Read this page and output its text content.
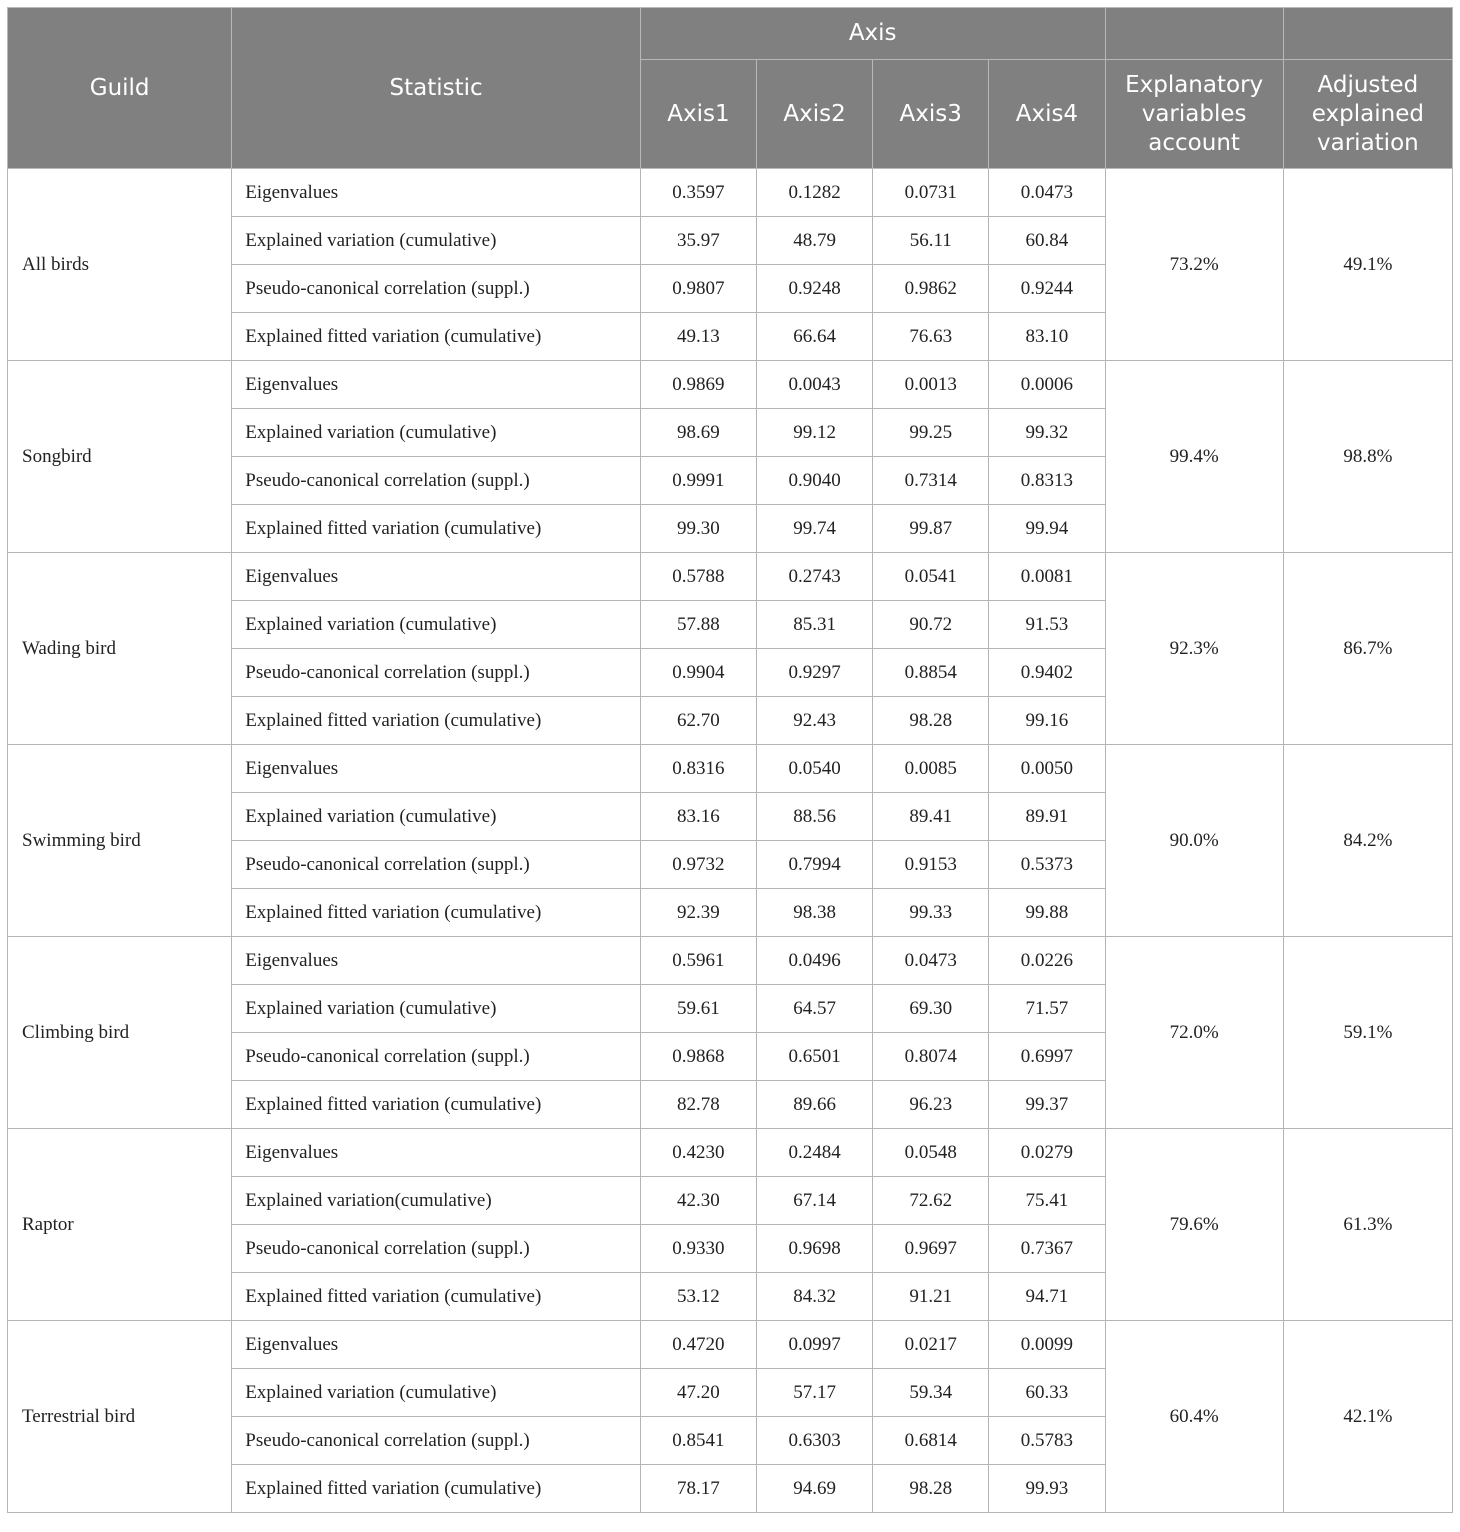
Guild	Statistic	Axis					
		Axis1	Axis2	Axis3	Axis4	Explanatory variables account	Adjusted explained variation
All birds	Eigenvalues	0.3597	0.1282	0.0731	0.0473	73.2%	49.1%
	Explained variation (cumulative)	35.97	48.79	56.11	60.84		
	Pseudo-canonical correlation (suppl.)	0.9807	0.9248	0.9862	0.9244		
	Explained fitted variation (cumulative)	49.13	66.64	76.63	83.10		
Songbird	Eigenvalues	0.9869	0.0043	0.0013	0.0006	99.4%	98.8%
	Explained variation (cumulative)	98.69	99.12	99.25	99.32		
	Pseudo-canonical correlation (suppl.)	0.9991	0.9040	0.7314	0.8313		
	Explained fitted variation (cumulative)	99.30	99.74	99.87	99.94		
Wading bird	Eigenvalues	0.5788	0.2743	0.0541	0.0081	92.3%	86.7%
	Explained variation (cumulative)	57.88	85.31	90.72	91.53		
	Pseudo-canonical correlation (suppl.)	0.9904	0.9297	0.8854	0.9402		
	Explained fitted variation (cumulative)	62.70	92.43	98.28	99.16		
Swimming bird	Eigenvalues	0.8316	0.0540	0.0085	0.0050	90.0%	84.2%
	Explained variation (cumulative)	83.16	88.56	89.41	89.91		
	Pseudo-canonical correlation (suppl.)	0.9732	0.7994	0.9153	0.5373		
	Explained fitted variation (cumulative)	92.39	98.38	99.33	99.88		
Climbing bird	Eigenvalues	0.5961	0.0496	0.0473	0.0226	72.0%	59.1%
	Explained variation (cumulative)	59.61	64.57	69.30	71.57		
	Pseudo-canonical correlation (suppl.)	0.9868	0.6501	0.8074	0.6997		
	Explained fitted variation (cumulative)	82.78	89.66	96.23	99.37		
Raptor	Eigenvalues	0.4230	0.2484	0.0548	0.0279	79.6%	61.3%
	Explained variation(cumulative)	42.30	67.14	72.62	75.41		
	Pseudo-canonical correlation (suppl.)	0.9330	0.9698	0.9697	0.7367		
	Explained fitted variation (cumulative)	53.12	84.32	91.21	94.71		
Terrestrial bird	Eigenvalues	0.4720	0.0997	0.0217	0.0099	60.4%	42.1%
	Explained variation (cumulative)	47.20	57.17	59.34	60.33		
	Pseudo-canonical correlation (suppl.)	0.8541	0.6303	0.6814	0.5783		
	Explained fitted variation (cumulative)	78.17	94.69	98.28	99.93		
